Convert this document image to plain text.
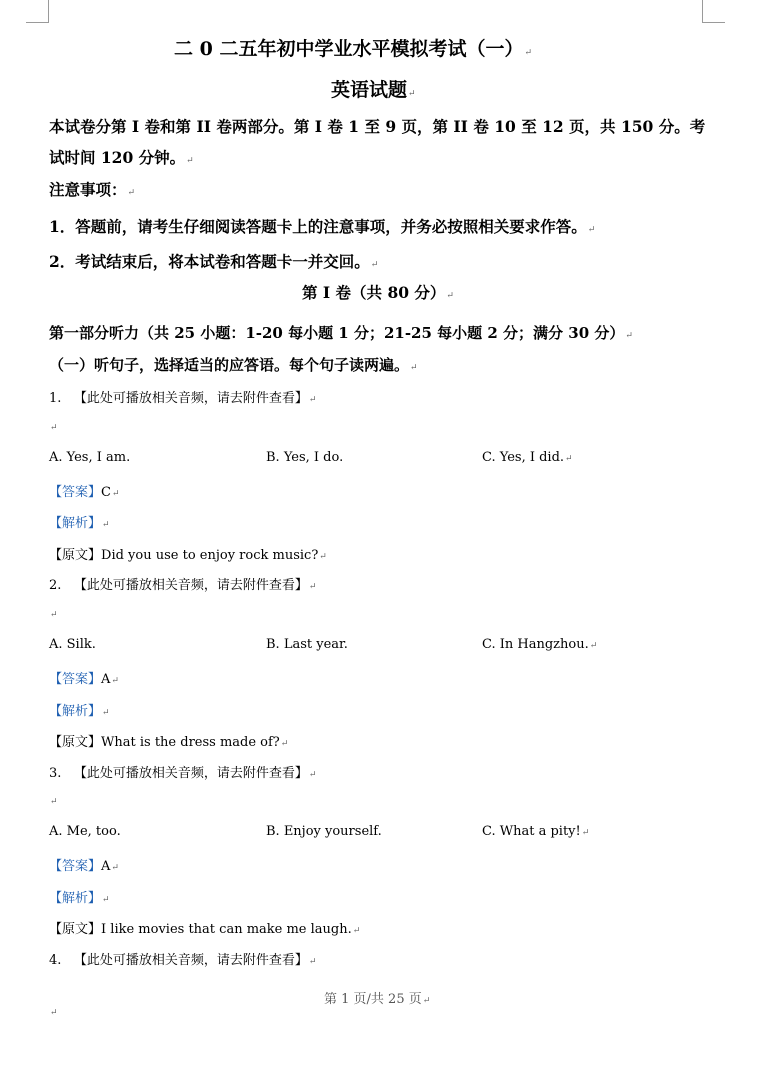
二 0 二五年初中学业水平模拟考试（一）↵
英语试题↵
本试卷分第 I 卷和第 II 卷两部分。第 I 卷 1 至 9 页，第 II 卷 10 至 12 页，共 150 分。考
试时间 120 分钟。↵
注意事项：↵
1．答题前，请考生仔细阅读答题卡上的注意事项，并务必按照相关要求作答。↵
2．考试结束后，将本试卷和答题卡一并交回。↵
第 I 卷（共 80 分）↵
第一部分听力（共 25 小题：1-20 每小题 1 分；21-25 每小题 2 分；满分 30 分）↵
（一）听句子，选择适当的应答语。每个句子读两遍。↵
1. 【此处可播放相关音频，请去附件查看】↵
↵
A. Yes, I am.	B. Yes, I do.	C. Yes, I did.↵
【答案】C↵
【解析】↵
【原文】Did you use to enjoy rock music?↵
2. 【此处可播放相关音频，请去附件查看】↵
↵
A. Silk.	B. Last year.	C. In Hangzhou.↵
【答案】A↵
【解析】↵
【原文】What is the dress made of?↵
3. 【此处可播放相关音频，请去附件查看】↵
↵
A. Me, too.	B. Enjoy yourself.	C. What a pity!↵
【答案】A↵
【解析】↵
【原文】I like movies that can make me laugh.↵
4. 【此处可播放相关音频，请去附件查看】↵
第 1 页/共 25 页↵
↵
